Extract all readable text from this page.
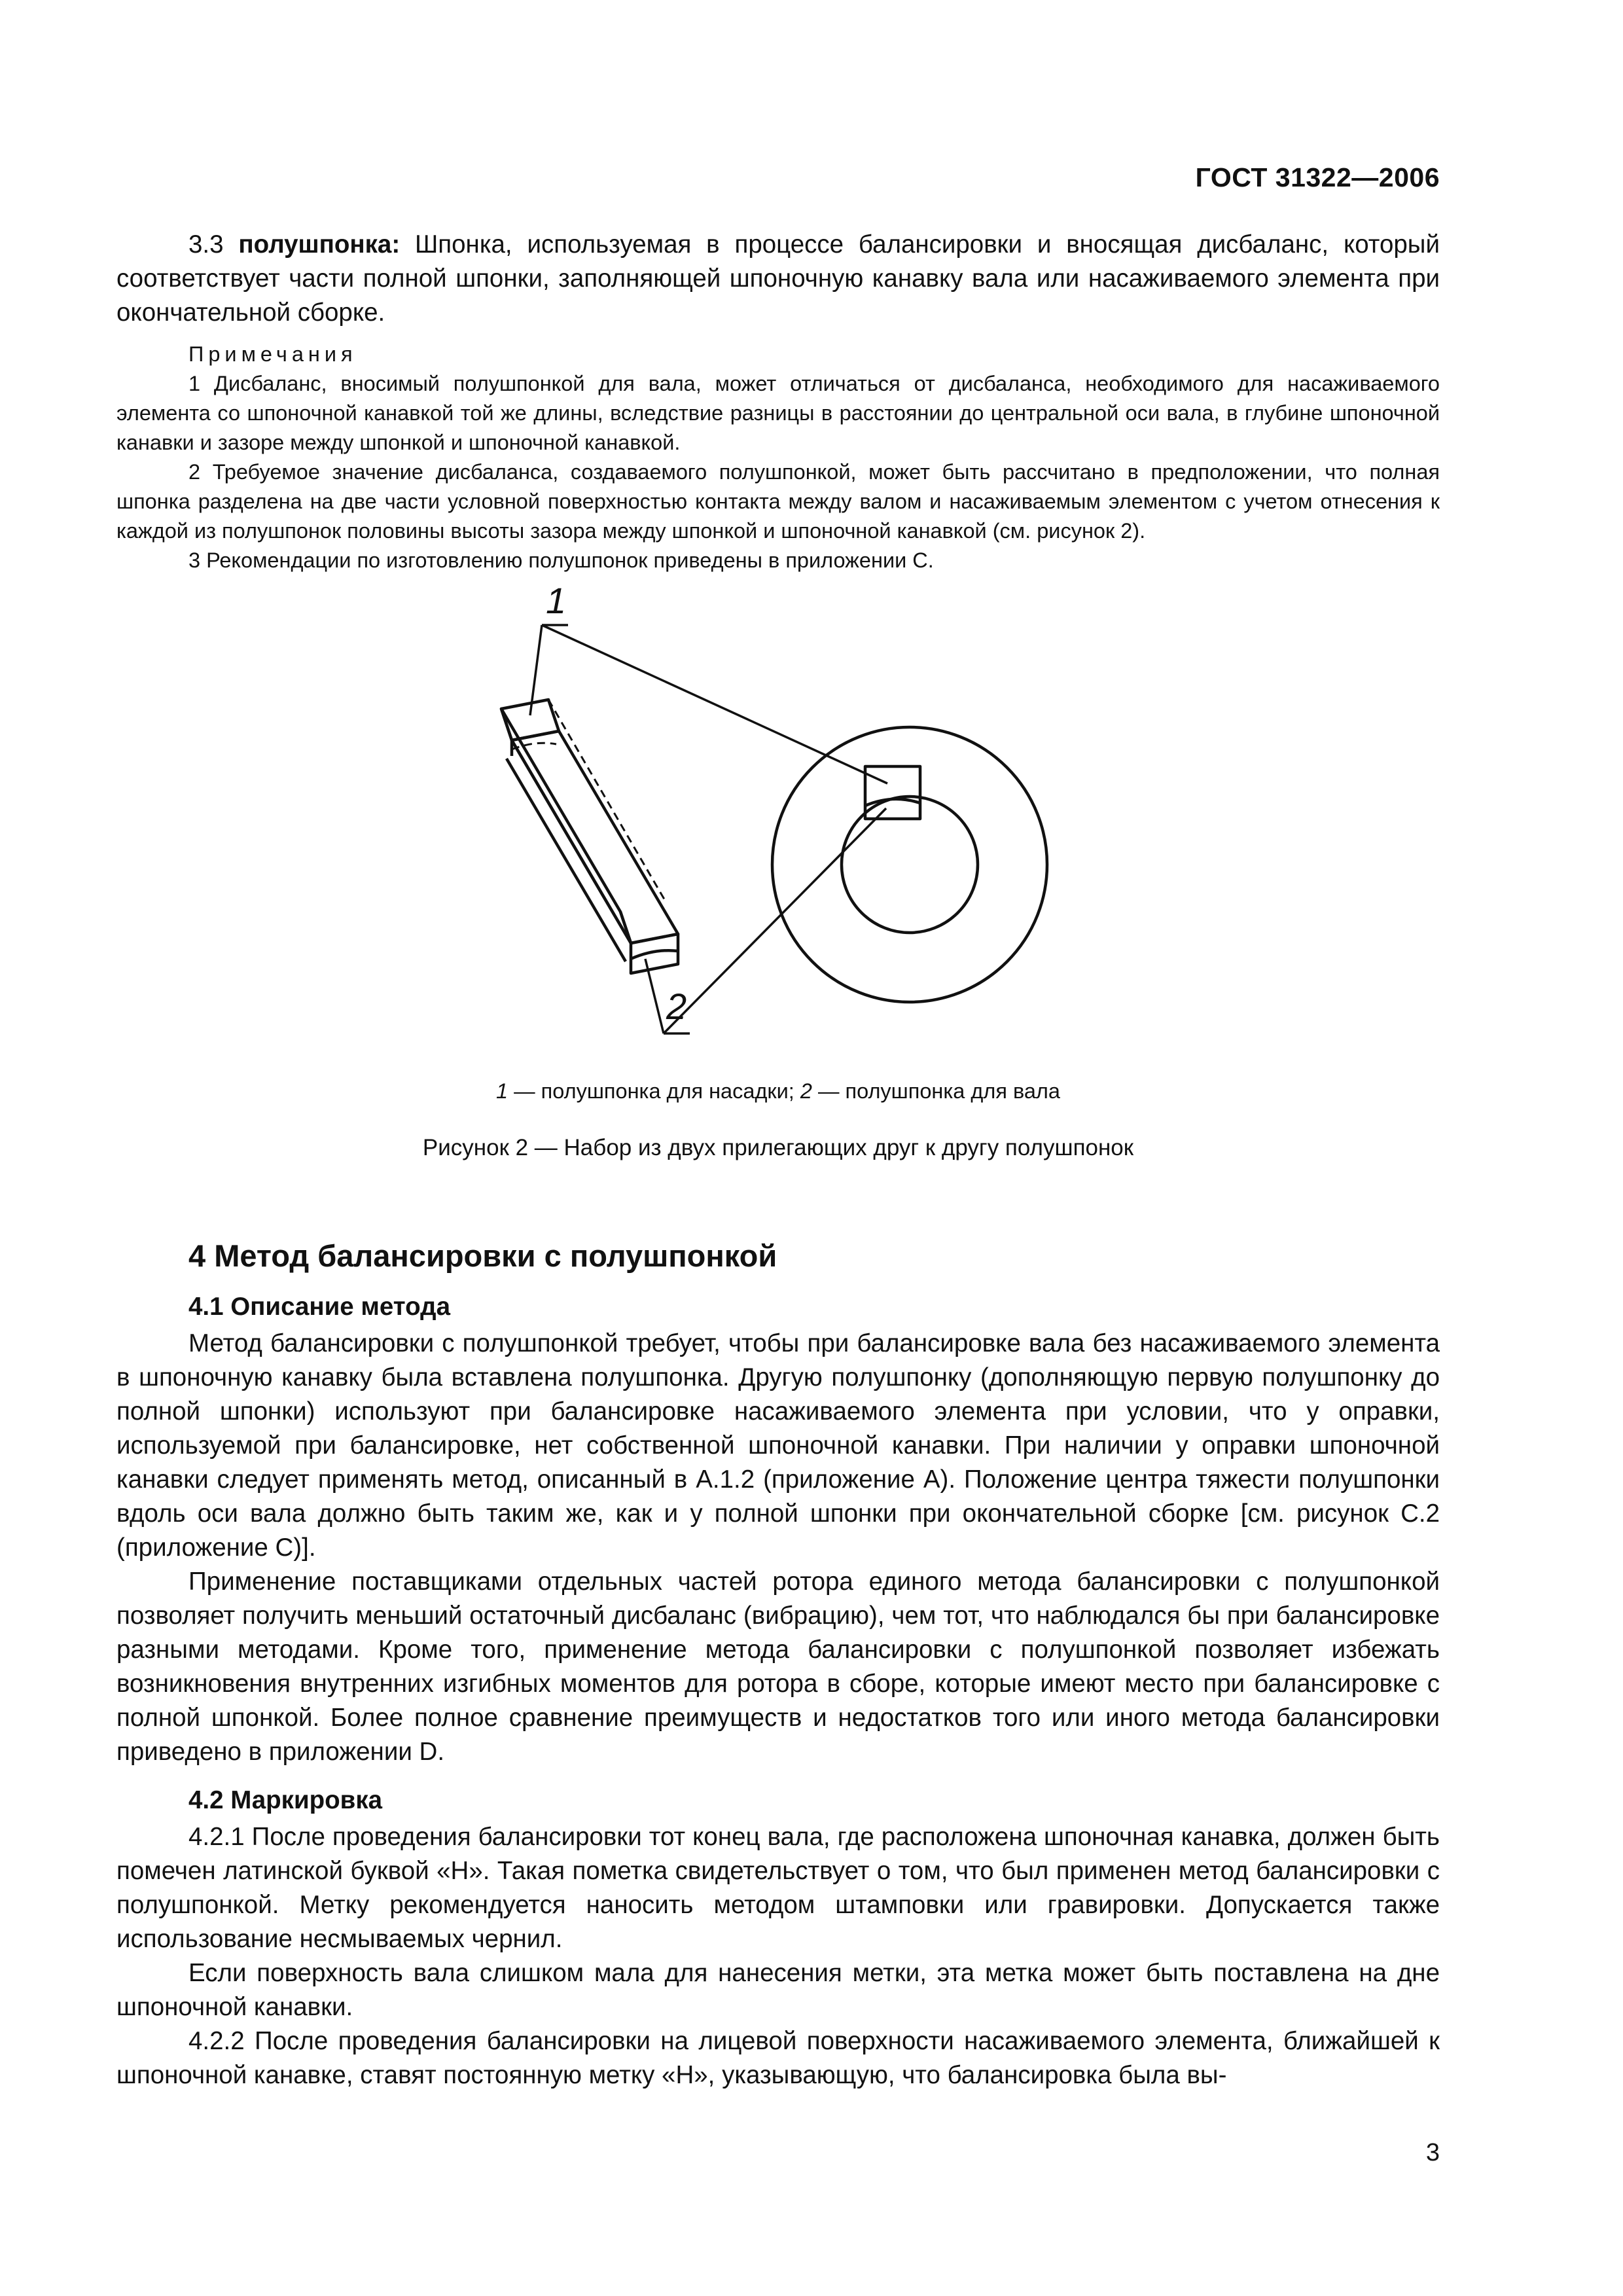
ГОСТ 31322—2006

3.3 полушпонка: Шпонка, используемая в процессе балансировки и вносящая дисбаланс, который соответствует части полной шпонки, заполняющей шпоночную канавку вала или насаживаемого элемента при окончательной сборке.

Примечания

1 Дисбаланс, вносимый полушпонкой для вала, может отличаться от дисбаланса, необходимого для насаживаемого элемента со шпоночной канавкой той же длины, вследствие разницы в расстоянии до центральной оси вала, в глубине шпоночной канавки и зазоре между шпонкой и шпоночной канавкой.

2 Требуемое значение дисбаланса, создаваемого полушпонкой, может быть рассчитано в предположении, что полная шпонка разделена на две части условной поверхностью контакта между валом и насаживаемым элементом с учетом отнесения к каждой из полушпонок половины высоты зазора между шпонкой и шпоночной канавкой (см. рисунок 2).

3 Рекомендации по изготовлению полушпонок приведены в приложении С.

1
2
1 — полушпонка для насадки; 2 — полушпонка для вала
Рисунок 2 — Набор из двух прилегающих друг к другу полушпонок
4 Метод балансировки с полушпонкой
4.1 Описание метода

Метод балансировки с полушпонкой требует, чтобы при балансировке вала без насаживаемого элемента в шпоночную канавку была вставлена полушпонка. Другую полушпонку (дополняющую первую полушпонку до полной шпонки) используют при балансировке насаживаемого элемента при условии, что у оправки, используемой при балансировке, нет собственной шпоночной канавки. При наличии у оправки шпоночной канавки следует применять метод, описанный в А.1.2 (приложение А). Положение центра тяжести полушпонки вдоль оси вала должно быть таким же, как и у полной шпонки при окончательной сборке [см. рисунок С.2 (приложение С)].

Применение поставщиками отдельных частей ротора единого метода балансировки с полушпонкой позволяет получить меньший остаточный дисбаланс (вибрацию), чем тот, что наблюдался бы при балансировке разными методами. Кроме того, применение метода балансировки с полушпонкой позволяет избежать возникновения внутренних изгибных моментов для ротора в сборе, которые имеют место при балансировке с полной шпонкой. Более полное сравнение преимуществ и недостатков того или иного метода балансировки приведено в приложении D.

4.2 Маркировка

4.2.1 После проведения балансировки тот конец вала, где расположена шпоночная канавка, должен быть помечен латинской буквой «Н». Такая пометка свидетельствует о том, что был применен метод балансировки с полушпонкой. Метку рекомендуется наносить методом штамповки или гравировки. Допускается также использование несмываемых чернил.

Если поверхность вала слишком мала для нанесения метки, эта метка может быть поставлена на дне шпоночной канавки.

4.2.2 После проведения балансировки на лицевой поверхности насаживаемого элемента, ближайшей к шпоночной канавке, ставят постоянную метку «Н», указывающую, что балансировка была вы-

3
